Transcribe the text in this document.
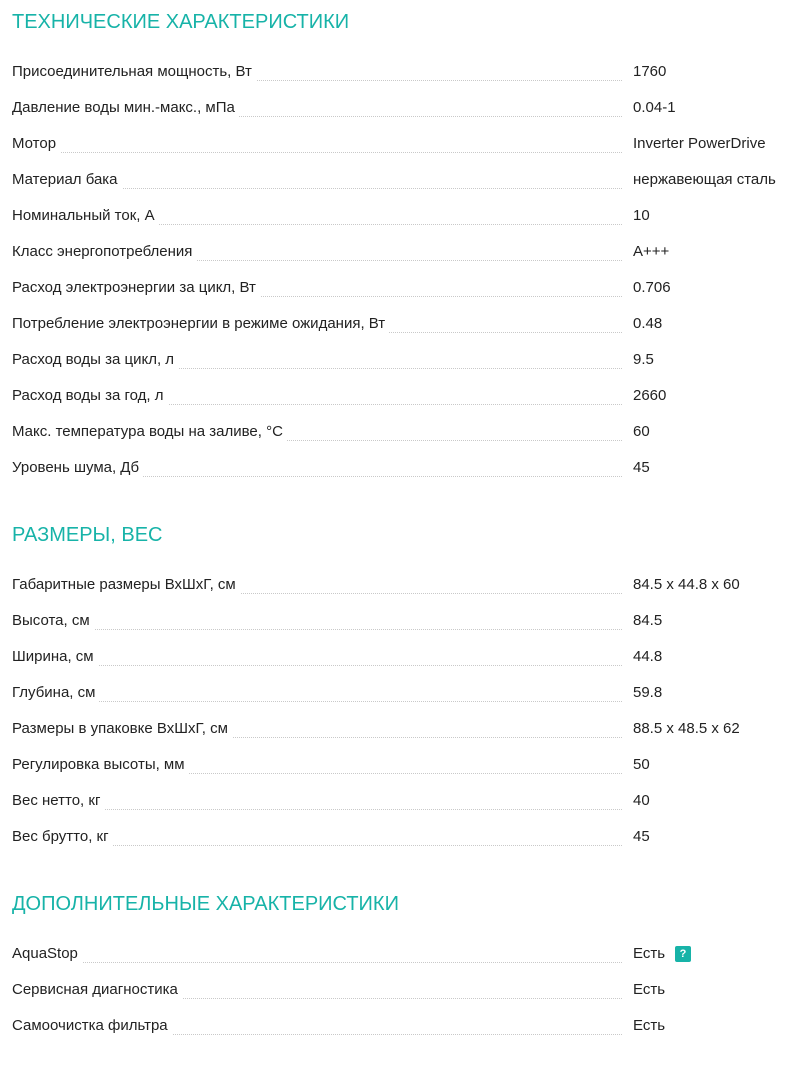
ТЕХНИЧЕСКИЕ ХАРАКТЕРИСТИКИ
Присоединительная мощность, Вт	1760
Давление воды мин.-макс., мПа	0.04-1
Мотор	Inverter PowerDrive
Материал бака	нержавеющая сталь
Номинальный ток, А	10
Класс энергопотребления	A+++
Расход электроэнергии за цикл, Вт	0.706
Потребление электроэнергии в режиме ожидания, Вт	0.48
Расход воды за цикл, л	9.5
Расход воды за год, л	2660
Макс. температура воды на заливе, °C	60
Уровень шума, Дб	45
РАЗМЕРЫ, ВЕС
Габаритные размеры ВхШхГ, см	84.5 x 44.8 x 60
Высота, см	84.5
Ширина, см	44.8
Глубина, см	59.8
Размеры в упаковке ВхШхГ, см	88.5 x 48.5 x 62
Регулировка высоты, мм	50
Вес нетто, кг	40
Вес брутто, кг	45
ДОПОЛНИТЕЛЬНЫЕ ХАРАКТЕРИСТИКИ
AquaStop	Есть	?
Сервисная диагностика	Есть
Самоочистка фильтра	Есть
